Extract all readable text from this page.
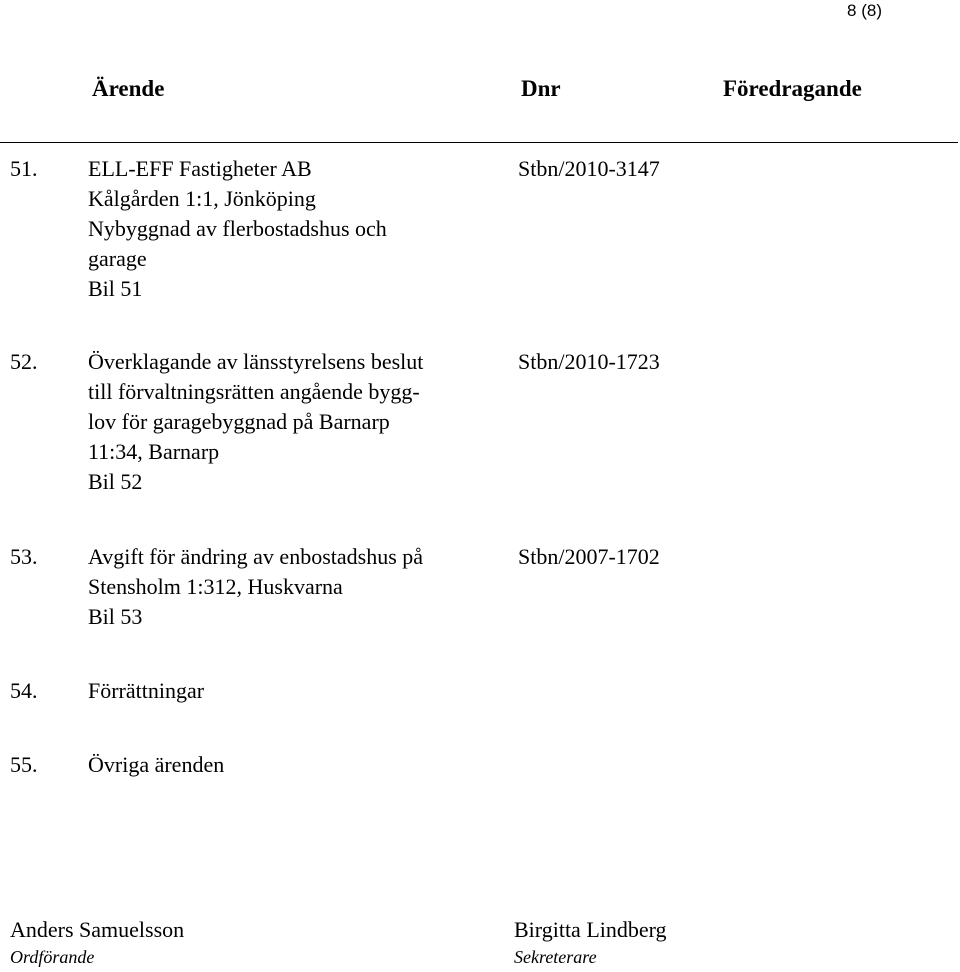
8 (8)
Ärende	Dnr	Föredragande
51. ELL-EFF Fastigheter AB
Kålgården 1:1, Jönköping
Nybyggnad av flerbostadshus och
garage
Bil 51
Stbn/2010-3147
52. Överklagande av länsstyrelsens beslut
till förvaltningsrätten angående bygg-
lov för garagebyggnad på Barnarp
11:34, Barnarp
Bil 52
Stbn/2010-1723
53. Avgift för ändring av enbostadshus på
Stensholm 1:312, Huskvarna
Bil 53
Stbn/2007-1702
54. Förrättningar
55. Övriga ärenden
Anders Samuelsson
Ordförande
Birgitta Lindberg
Sekreterare
